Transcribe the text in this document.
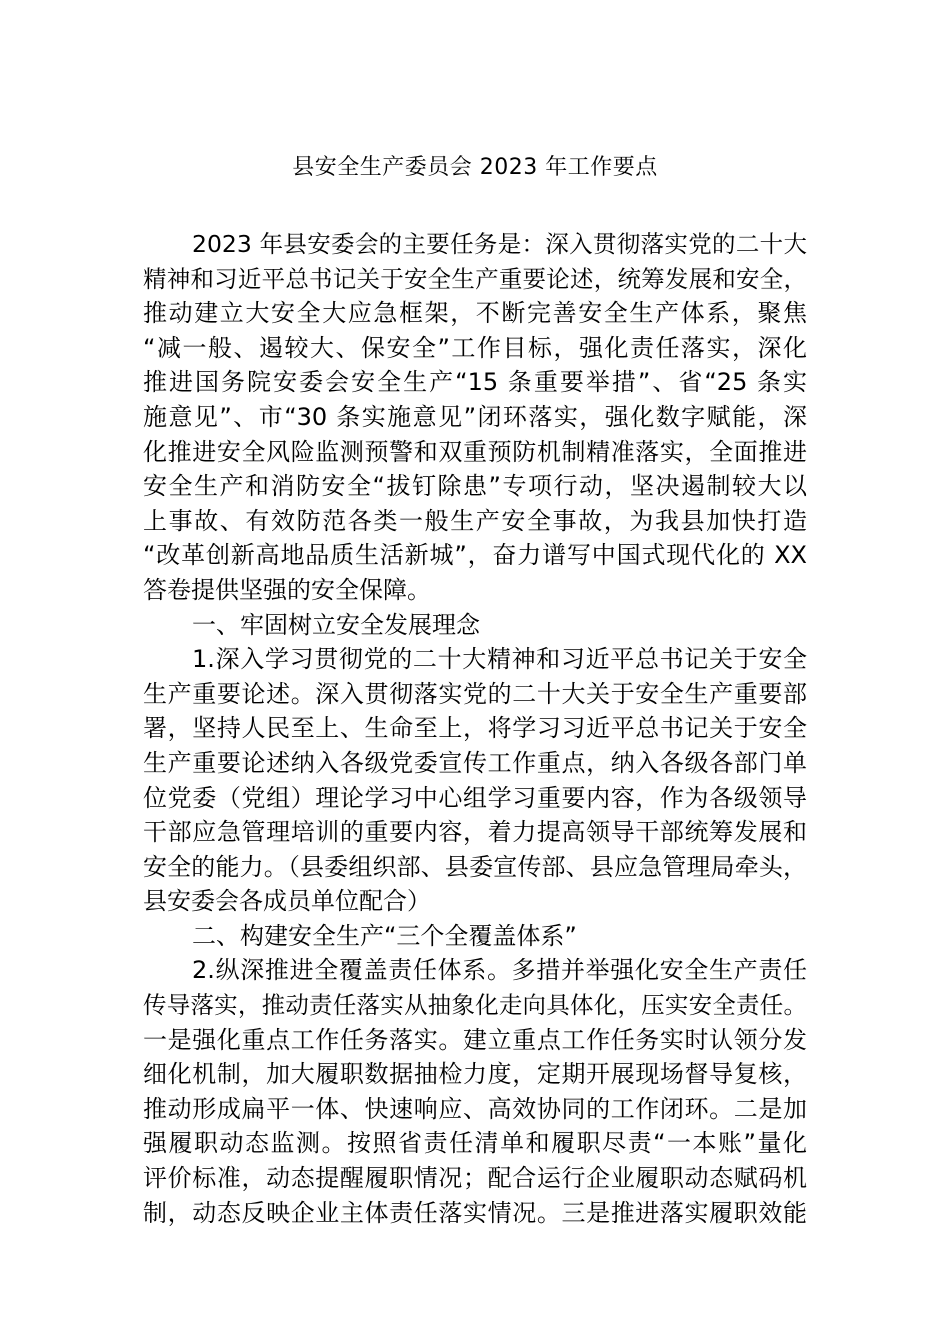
县安全生产委员会 2023 年工作要点
2023 年县安委会的主要任务是：深入贯彻落实党的二十大
精神和习近平总书记关于安全生产重要论述，统筹发展和安全，
推动建立大安全大应急框架，不断完善安全生产体系，聚焦
“减一般、遏较大、保安全”工作目标，强化责任落实，深化
推进国务院安委会安全生产“15 条重要举措”、省“25 条实
施意见”、市“30 条实施意见”闭环落实，强化数字赋能，深
化推进安全风险监测预警和双重预防机制精准落实，全面推进
安全生产和消防安全“拔钉除患”专项行动，坚决遏制较大以
上事故、有效防范各类一般生产安全事故，为我县加快打造
“改革创新高地品质生活新城”，奋力谱写中国式现代化的 XX
答卷提供坚强的安全保障。
一、牢固树立安全发展理念
1.深入学习贯彻党的二十大精神和习近平总书记关于安全
生产重要论述。深入贯彻落实党的二十大关于安全生产重要部
署，坚持人民至上、生命至上，将学习习近平总书记关于安全
生产重要论述纳入各级党委宣传工作重点，纳入各级各部门单
位党委（党组）理论学习中心组学习重要内容，作为各级领导
干部应急管理培训的重要内容，着力提高领导干部统筹发展和
安全的能力。（县委组织部、县委宣传部、县应急管理局牵头，
县安委会各成员单位配合）
二、构建安全生产“三个全覆盖体系”
2.纵深推进全覆盖责任体系。多措并举强化安全生产责任
传导落实，推动责任落实从抽象化走向具体化，压实安全责任。
一是强化重点工作任务落实。建立重点工作任务实时认领分发
细化机制，加大履职数据抽检力度，定期开展现场督导复核，
推动形成扁平一体、快速响应、高效协同的工作闭环。二是加
强履职动态监测。按照省责任清单和履职尽责“一本账”量化
评价标准，动态提醒履职情况；配合运行企业履职动态赋码机
制，动态反映企业主体责任落实情况。三是推进落实履职效能
